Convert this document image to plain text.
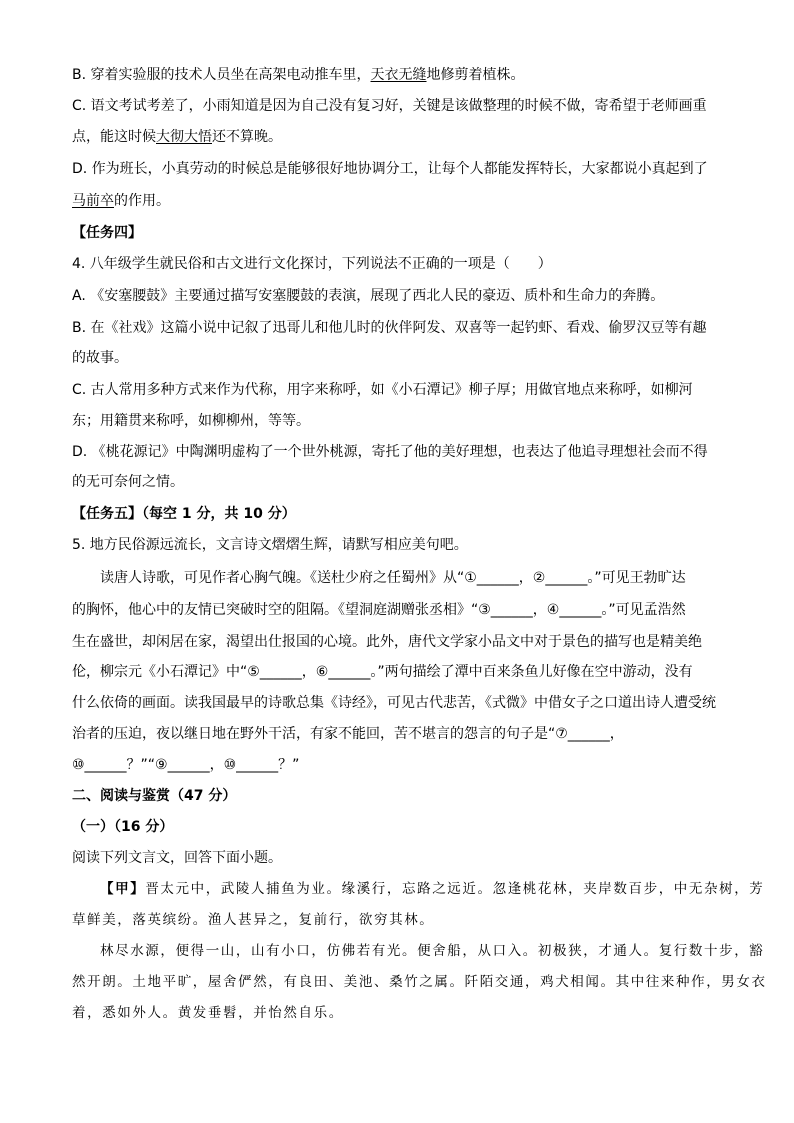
B. 穿着实验服的技术人员坐在高架电动推车里，天衣无缝地修剪着植株。
C. 语文考试考差了，小雨知道是因为自己没有复习好，关键是该做整理的时候不做，寄希望于老师画重
点，能这时候大彻大悟还不算晚。
D. 作为班长，小真劳动的时候总是能够很好地协调分工，让每个人都能发挥特长，大家都说小真起到了
马前卒的作用。
【任务四】
4. 八年级学生就民俗和古文进行文化探讨，下列说法不正确的一项是（　　）
A. 《安塞腰鼓》主要通过描写安塞腰鼓的表演，展现了西北人民的豪迈、质朴和生命力的奔腾。
B. 在《社戏》这篇小说中记叙了迅哥儿和他儿时的伙伴阿发、双喜等一起钓虾、看戏、偷罗汉豆等有趣
的故事。
C. 古人常用多种方式来作为代称，用字来称呼，如《小石潭记》柳子厚；用做官地点来称呼，如柳河
东；用籍贯来称呼，如柳柳州，等等。
D. 《桃花源记》中陶渊明虚构了一个世外桃源，寄托了他的美好理想，也表达了他追寻理想社会而不得
的无可奈何之情。
【任务五】（每空 1 分，共 10 分）
5. 地方民俗源远流长，文言诗文熠熠生辉，请默写相应美句吧。
读唐人诗歌，可见作者心胸气魄。《送杜少府之任蜀州》从“①______，②______。”可见王勃旷达
的胸怀，他心中的友情已突破时空的阻隔。《望洞庭湖赠张丞相》“③______，④______。”可见孟浩然
生在盛世，却闲居在家，渴望出仕报国的心境。此外，唐代文学家小品文中对于景色的描写也是精美绝
伦，柳宗元《小石潭记》中“⑤______，⑥______。”两句描绘了潭中百来条鱼儿好像在空中游动，没有
什么依倚的画面。读我国最早的诗歌总集《诗经》，可见古代悲苦，《式微》中借女子之口道出诗人遭受统
治者的压迫，夜以继日地在野外干活，有家不能回，苦不堪言的怨言的句子是“⑦______，
⑩______？”“⑨______，⑩______？”
二、阅读与鉴赏（47 分）
（一）（16 分）
阅读下列文言文，回答下面小题。
【甲】晋太元中，武陵人捕鱼为业。缘溪行，忘路之远近。忽逢桃花林，夹岸数百步，中无杂树，芳
草鲜美，落英缤纷。渔人甚异之，复前行，欲穷其林。
林尽水源，便得一山，山有小口，仿佛若有光。便舍船，从口入。初极狭，才通人。复行数十步，豁
然开朗。土地平旷，屋舍俨然，有良田、美池、桑竹之属。阡陌交通，鸡犬相闻。其中往来种作，男女衣
着，悉如外人。黄发垂髫，并怡然自乐。
